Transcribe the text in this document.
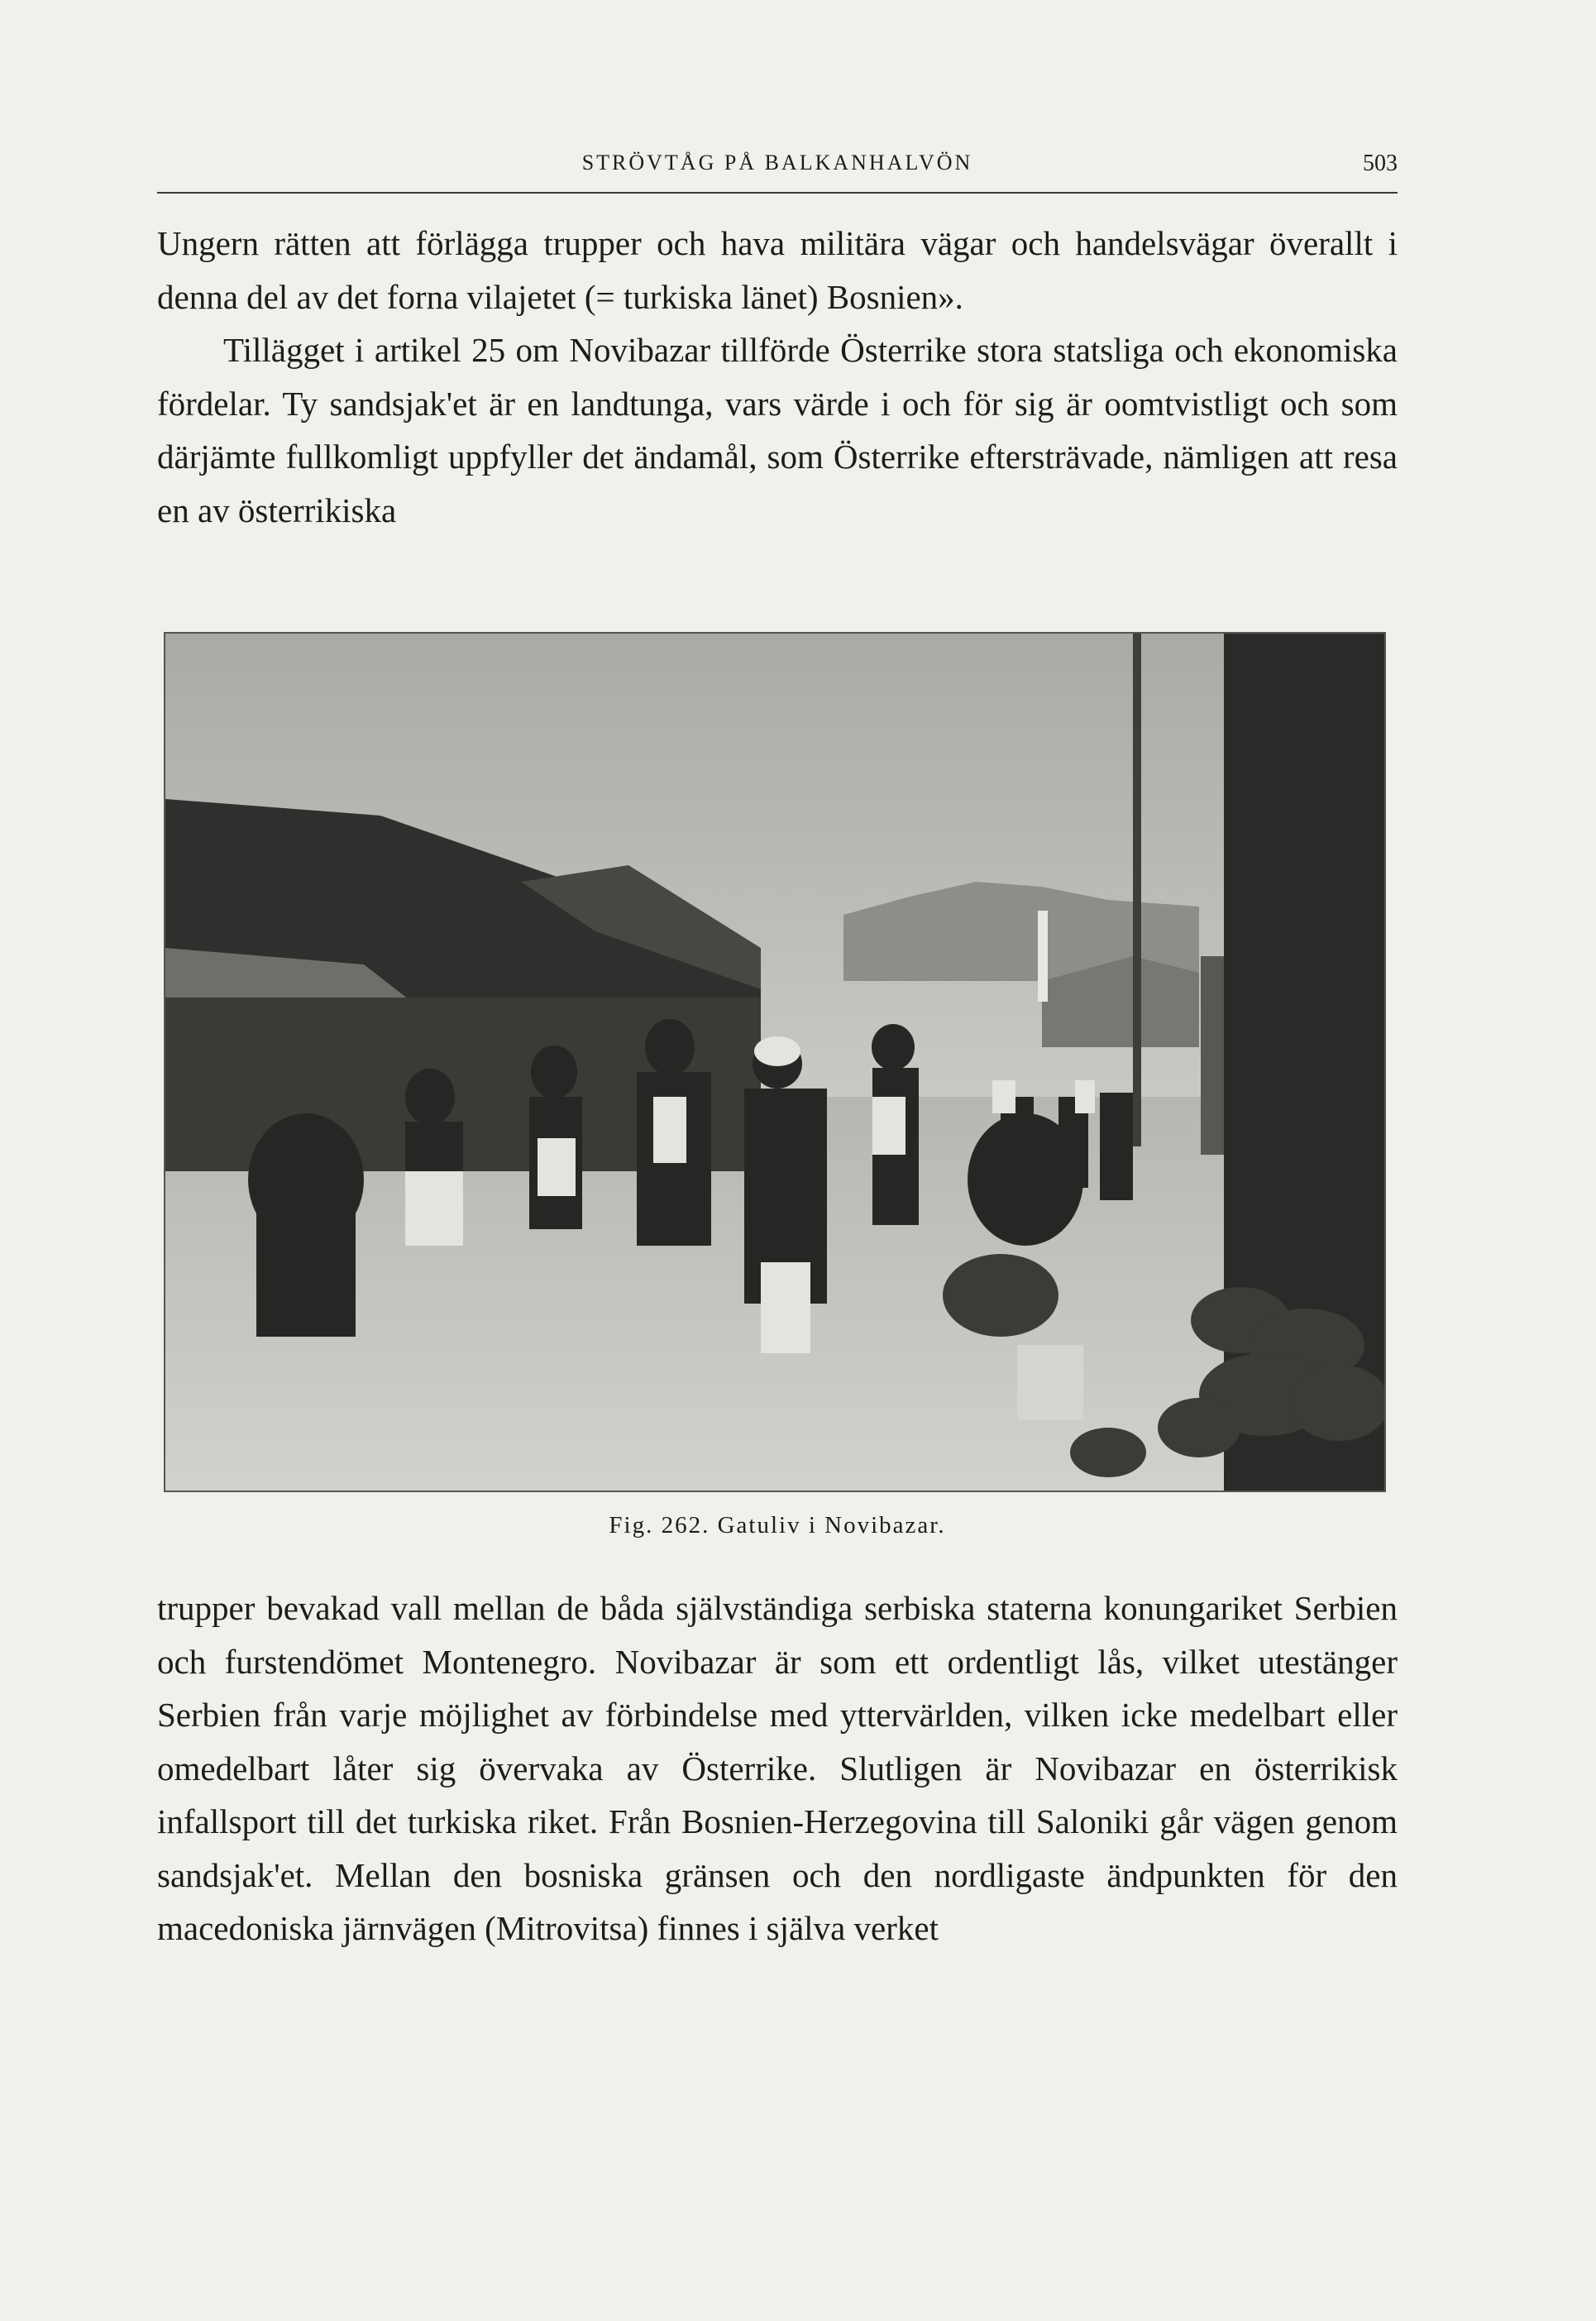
STRÖVTÅG PÅ BALKANHALVÖN	503

Ungern rätten att förlägga trupper och hava militära vägar och handelsvägar överallt i denna del av det forna vilajetet (= turkiska länet) Bosnien».

Tillägget i artikel 25 om Novibazar tillförde Österrike stora statsliga och ekonomiska fördelar. Ty sandsjak'et är en landtunga, vars värde i och för sig är oomtvistligt och som därjämte fullkomligt uppfyller det ändamål, som Österrike eftersträvade, nämligen att resa en av österrikiska

Fig. 262. Gatuliv i Novibazar.

trupper bevakad vall mellan de båda självständiga serbiska staterna konungariket Serbien och furstendömet Montenegro. Novibazar är som ett ordentligt lås, vilket utestänger Serbien från varje möjlighet av förbindelse med yttervärlden, vilken icke medelbart eller omedelbart låter sig övervaka av Österrike. Slutligen är Novibazar en österrikisk infallsport till det turkiska riket. Från Bosnien-Herzegovina till Saloniki går vägen genom sandsjak'et. Mellan den bosniska gränsen och den nordligaste ändpunkten för den macedoniska järnvägen (Mitrovitsa) finnes i själva verket
